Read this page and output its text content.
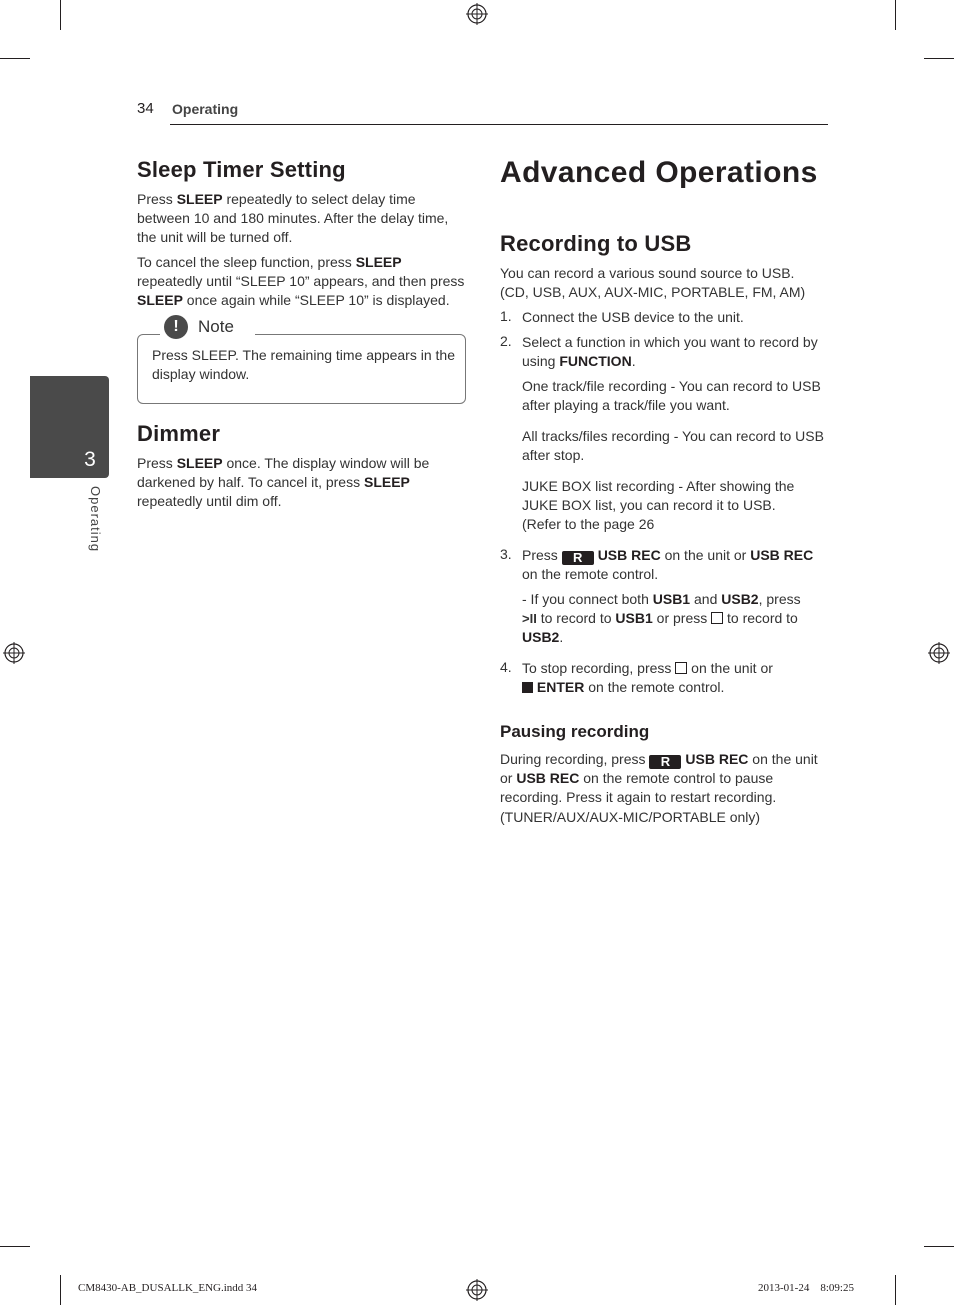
34 Operating
3
Operating
Sleep Timer Setting

Press SLEEP repeatedly to select delay time between 10 and 180 minutes. After the delay time, the unit will be turned off.

To cancel the sleep function, press SLEEP repeatedly until “SLEEP 10” appears, and then press SLEEP once again while “SLEEP 10” is displayed.

!	Note

Press SLEEP. The remaining time appears in the display window.

Dimmer

Press SLEEP once. The display window will be darkened by half. To cancel it, press SLEEP repeatedly until dim off.

Advanced Operations
Recording to USB

You can record a various sound source to USB.
(CD, USB, AUX, AUX-MIC, PORTABLE, FM, AM)

1. Connect the USB device to the unit.

2. Select a function in which you want to record by using FUNCTION.

One track/file recording - You can record to USB after playing a track/file you want.

All tracks/files recording - You can record to USB after stop.

JUKE BOX list recording - After showing the JUKE BOX list, you can record it to USB. (Refer to the page 26

3. Press R USB REC on the unit or USB REC on the remote control.

- If you connect both USB1 and USB2, press
>II to record to USB1 or press  to record to
USB2.

4. To stop recording, press  on the unit or
ENTER on the remote control.

Pausing recording

During recording, press R USB REC on the unit or USB REC on the remote control to pause recording. Press it again to restart recording. (TUNER/AUX/AUX-MIC/PORTABLE only)

CM8430-AB_DUSALLK_ENG.indd 34	2013-01-24    8:09:25
